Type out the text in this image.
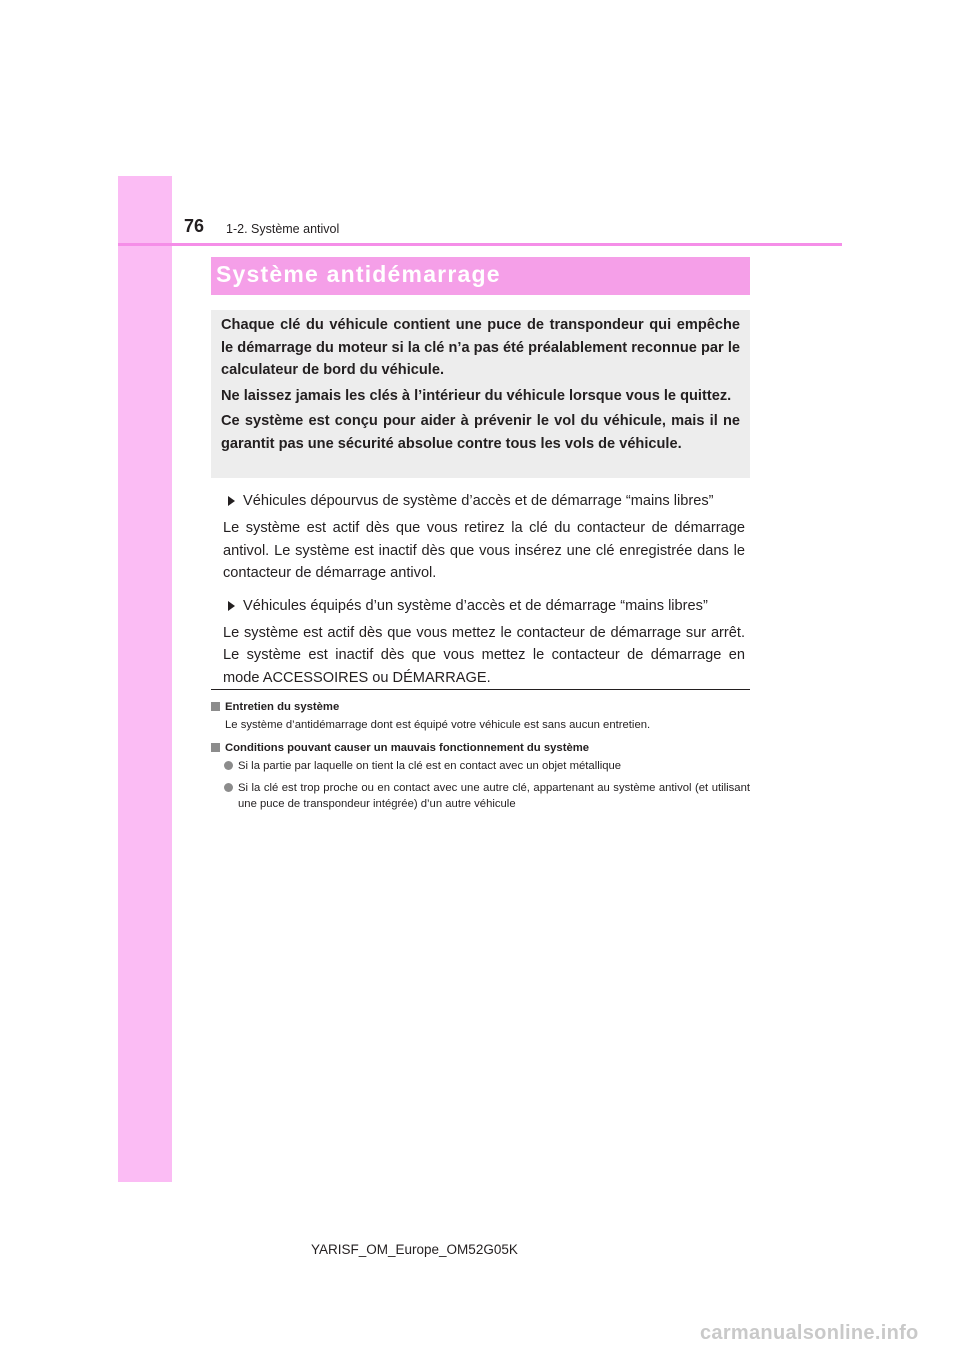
76 1-2. Système antivol
Système antidémarrage

Chaque clé du véhicule contient une puce de transpondeur qui empêche le démarrage du moteur si la clé n’a pas été préalablement reconnue par le calculateur de bord du véhicule.

Ne laissez jamais les clés à l’intérieur du véhicule lorsque vous le quittez.

Ce système est conçu pour aider à prévenir le vol du véhicule, mais il ne garantit pas une sécurité absolue contre tous les vols de véhicule.

Véhicules dépourvus de système d’accès et de démarrage “mains libres”

Le système est actif dès que vous retirez la clé du contacteur de démarrage antivol. Le système est inactif dès que vous insérez une clé enregistrée dans le contacteur de démarrage antivol.

Véhicules équipés d’un système d’accès et de démarrage “mains libres”

Le système est actif dès que vous mettez le contacteur de démarrage sur arrêt. Le système est inactif dès que vous mettez le contacteur de démarrage en mode ACCESSOIRES ou DÉMARRAGE.

Entretien du système

Le système d’antidémarrage dont est équipé votre véhicule est sans aucun entretien.

Conditions pouvant causer un mauvais fonctionnement du système
Si la partie par laquelle on tient la clé est en contact avec un objet métallique
Si la clé est trop proche ou en contact avec une autre clé, appartenant au système antivol (et utilisant une puce de transpondeur intégrée) d’un autre véhicule
YARISF_OM_Europe_OM52G05K
carmanualsonline.info
